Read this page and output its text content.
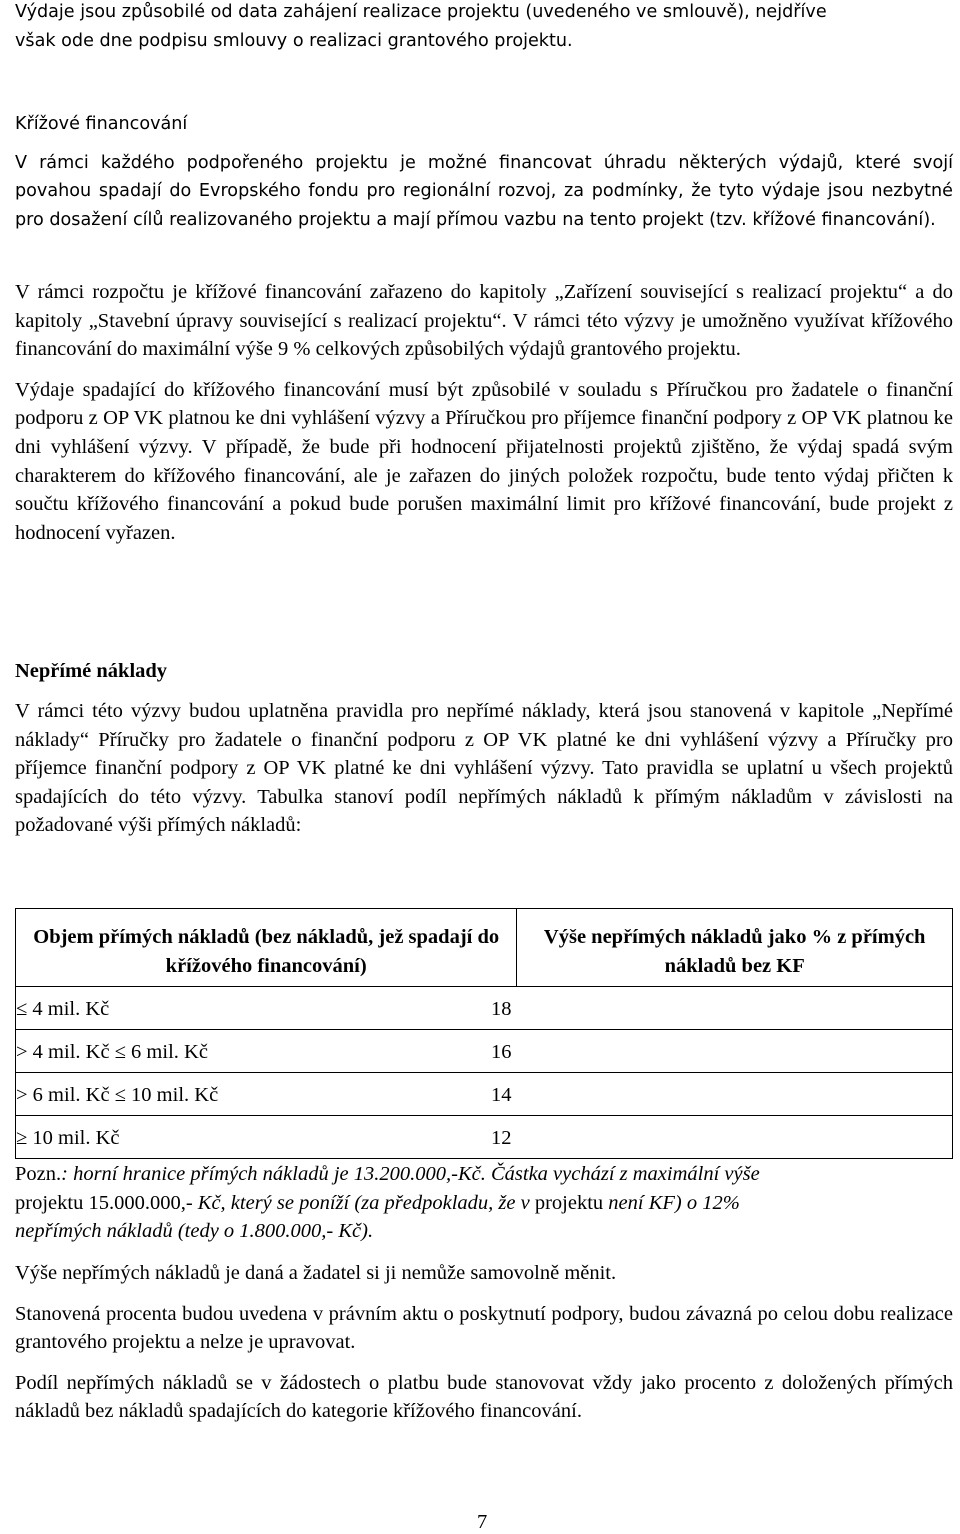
Výdaje jsou způsobilé od data zahájení realizace projektu (uvedeného ve smlouvě), nejdříve

však ode dne podpisu smlouvy o realizaci grantového projektu.

Křížové financování

V rámci každého podpořeného projektu je možné financovat úhradu některých výdajů, které svojí povahou spadají do Evropského fondu pro regionální rozvoj, za podmínky, že tyto výdaje jsou nezbytné pro dosažení cílů realizovaného projektu a mají přímou vazbu na tento projekt (tzv. křížové financování).

V rámci rozpočtu je křížové financování zařazeno do kapitoly „Zařízení související s realizací projektu“ a do kapitoly „Stavební úpravy související s realizací projektu“. V rámci této výzvy je umožněno využívat křížového financování do maximální výše 9 % celkových způsobilých výdajů grantového projektu.

Výdaje spadající do křížového financování musí být způsobilé v souladu s Příručkou pro žadatele o finanční podporu z OP VK platnou ke dni vyhlášení výzvy a Příručkou pro příjemce finanční podpory z OP VK platnou ke dni vyhlášení výzvy. V případě, že bude při hodnocení přijatelnosti projektů zjištěno, že výdaj spadá svým charakterem do křížového financování, ale je zařazen do jiných položek rozpočtu, bude tento výdaj přičten k součtu křížového financování a pokud bude porušen maximální limit pro křížové financování, bude projekt z hodnocení vyřazen.

Nepřímé náklady

V rámci této výzvy budou uplatněna pravidla pro nepřímé náklady, která jsou stanovená v kapitole „Nepřímé náklady“ Příručky pro žadatele o finanční podporu z OP VK platné ke dni vyhlášení výzvy a Příručky pro příjemce finanční podpory z OP VK platné ke dni vyhlášení výzvy. Tato pravidla se uplatní u všech projektů spadajících do této výzvy. Tabulka stanoví podíl nepřímých nákladů k přímým nákladům v závislosti na požadované výši přímých nákladů:

Objem přímých nákladů (bez nákladů, jež spadají do křížového financování)	Výše nepřímých nákladů jako % z přímých nákladů bez KF

≤ 4 mil. Kč	18

> 4 mil. Kč ≤ 6 mil. Kč	16

> 6 mil. Kč ≤ 10 mil. Kč	14

≥ 10 mil. Kč	12

Pozn.: horní hranice přímých nákladů je 13.200.000,-Kč. Částka vychází z maximální výše

projektu 15.000.000,- Kč, který se poníží (za předpokladu, že v projektu není KF) o 12%

nepřímých nákladů (tedy o 1.800.000,- Kč).

Výše nepřímých nákladů je daná a žadatel si ji nemůže samovolně měnit.

Stanovená procenta budou uvedena v právním aktu o poskytnutí podpory, budou závazná po celou dobu realizace grantového projektu a nelze je upravovat.

Podíl nepřímých nákladů se v žádostech o platbu bude stanovovat vždy jako procento z doložených přímých nákladů bez nákladů spadajících do kategorie křížového financování.

7
